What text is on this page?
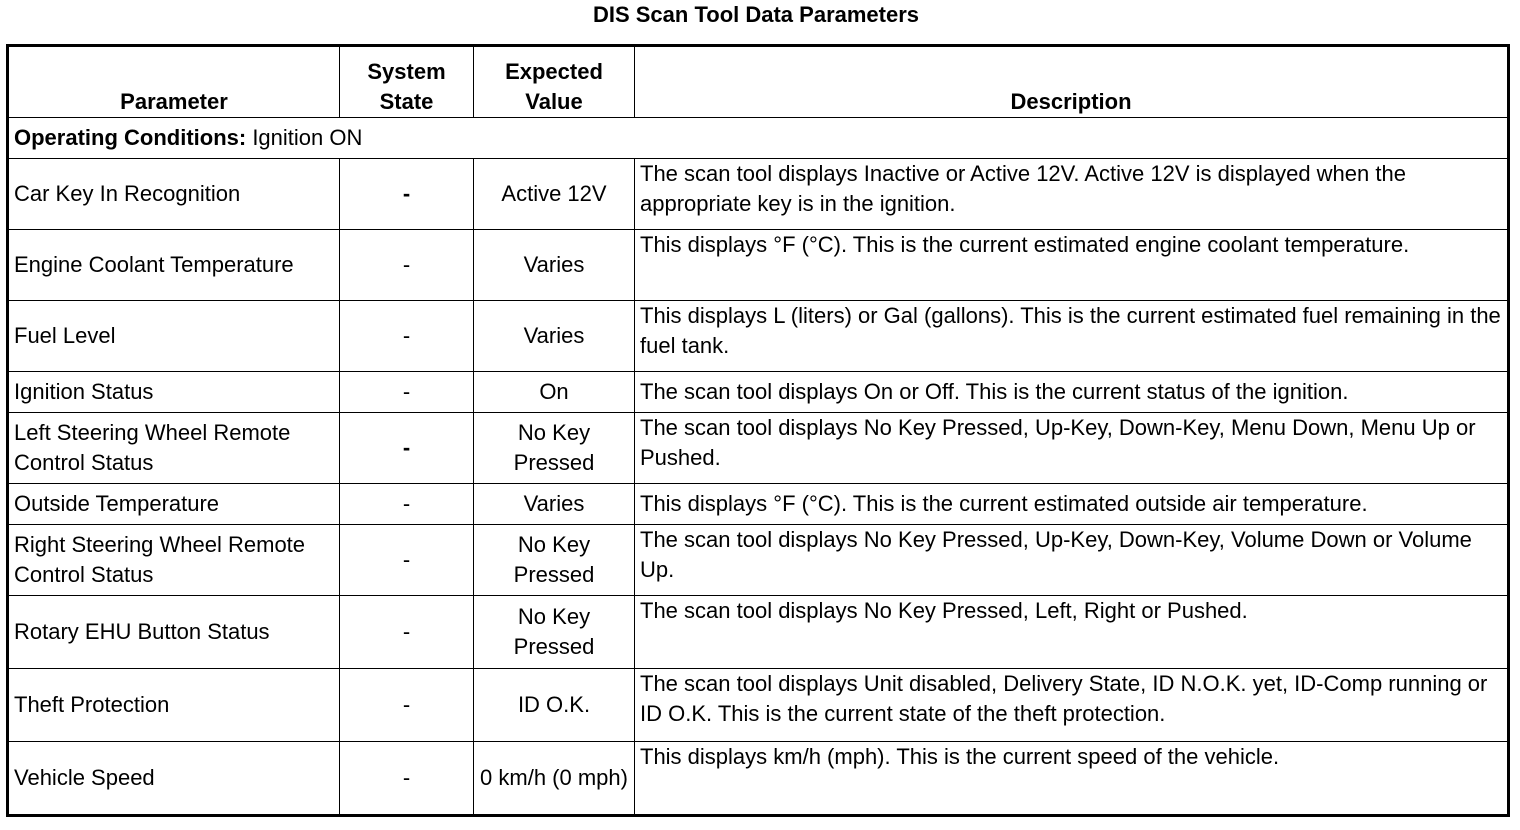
DIS Scan Tool Data Parameters
Parameter	System State	Expected Value	Description
Operating Conditions: Ignition ON			
Car Key In Recognition	-	Active 12V	The scan tool displays Inactive or Active 12V. Active 12V is displayed when the appropriate key is in the ignition.
Engine Coolant Temperature	-	Varies	This displays °F (°C). This is the current estimated engine coolant temperature.
Fuel Level	-	Varies	This displays L (liters) or Gal (gallons). This is the current estimated fuel remaining in the fuel tank.
Ignition Status	-	On	The scan tool displays On or Off. This is the current status of the ignition.
Left Steering Wheel Remote Control Status	-	No Key Pressed	The scan tool displays No Key Pressed, Up-Key, Down-Key, Menu Down, Menu Up or Pushed.
Outside Temperature	-	Varies	This displays °F (°C). This is the current estimated outside air temperature.
Right Steering Wheel Remote Control Status	-	No Key Pressed	The scan tool displays No Key Pressed, Up-Key, Down-Key, Volume Down or Volume Up.
Rotary EHU Button Status	-	No Key Pressed	The scan tool displays No Key Pressed, Left, Right or Pushed.
Theft Protection	-	ID O.K.	The scan tool displays Unit disabled, Delivery State, ID N.O.K. yet, ID-Comp running or ID O.K. This is the current state of the theft protection.
Vehicle Speed	-	0 km/h (0 mph)	This displays km/h (mph). This is the current speed of the vehicle.
